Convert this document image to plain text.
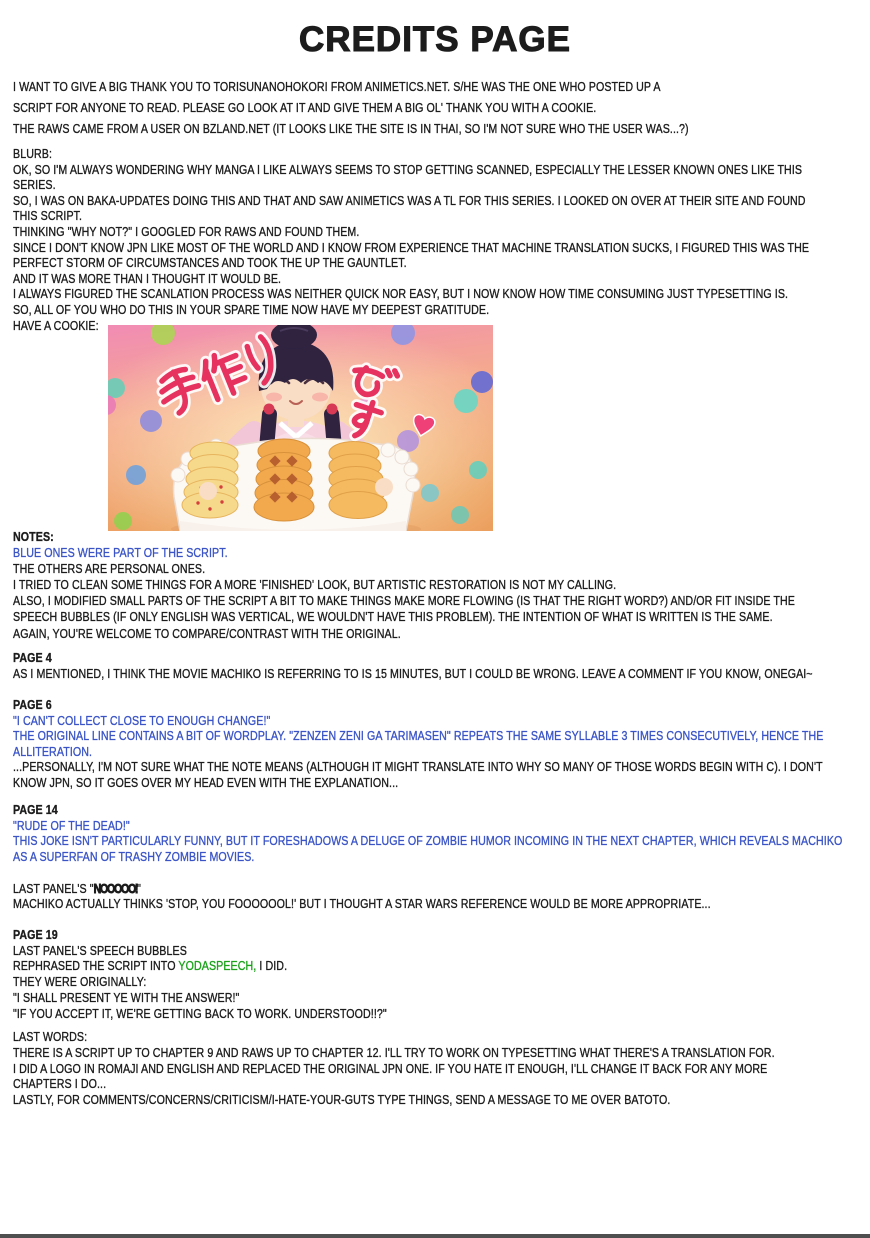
CREDITS PAGE
I WANT TO GIVE A BIG THANK YOU TO TORISUNANOHOKORI FROM ANIMETICS.NET. S/HE WAS THE ONE WHO POSTED UP A
SCRIPT FOR ANYONE TO READ. PLEASE GO LOOK AT IT AND GIVE THEM A BIG OL' THANK YOU WITH A COOKIE.
THE RAWS CAME FROM A USER ON BZLAND.NET (IT LOOKS LIKE THE SITE IS IN THAI, SO I'M NOT SURE WHO THE USER WAS...?)
BLURB:
OK, SO I'M ALWAYS WONDERING WHY MANGA I LIKE ALWAYS SEEMS TO STOP GETTING SCANNED, ESPECIALLY THE LESSER KNOWN ONES LIKE THIS
SERIES.
SO, I WAS ON BAKA-UPDATES DOING THIS AND THAT AND SAW ANIMETICS WAS A TL FOR THIS SERIES. I LOOKED ON OVER AT THEIR SITE AND FOUND
THIS SCRIPT.
THINKING "WHY NOT?" I GOOGLED FOR RAWS AND FOUND THEM.
SINCE I DON'T KNOW JPN LIKE MOST OF THE WORLD AND I KNOW FROM EXPERIENCE THAT MACHINE TRANSLATION SUCKS, I FIGURED THIS WAS THE
PERFECT STORM OF CIRCUMSTANCES AND TOOK THE UP THE GAUNTLET.
AND IT WAS MORE THAN I THOUGHT IT WOULD BE.
I ALWAYS FIGURED THE SCANLATION PROCESS WAS NEITHER QUICK NOR EASY, BUT I NOW KNOW HOW TIME CONSUMING JUST TYPESETTING IS.
SO, ALL OF YOU WHO DO THIS IN YOUR SPARE TIME NOW HAVE MY DEEPEST GRATITUDE.
HAVE A COOKIE:
NOTES:
BLUE ONES WERE PART OF THE SCRIPT.
THE OTHERS ARE PERSONAL ONES.
I TRIED TO CLEAN SOME THINGS FOR A MORE 'FINISHED' LOOK, BUT ARTISTIC RESTORATION IS NOT MY CALLING.
ALSO, I MODIFIED SMALL PARTS OF THE SCRIPT A BIT TO MAKE THINGS MAKE MORE FLOWING (IS THAT THE RIGHT WORD?) AND/OR FIT INSIDE THE
SPEECH BUBBLES (IF ONLY ENGLISH WAS VERTICAL, WE WOULDN'T HAVE THIS PROBLEM). THE INTENTION OF WHAT IS WRITTEN IS THE SAME.
AGAIN, YOU'RE WELCOME TO COMPARE/CONTRAST WITH THE ORIGINAL.
PAGE 4
AS I MENTIONED, I THINK THE MOVIE MACHIKO IS REFERRING TO IS 15 MINUTES, BUT I COULD BE WRONG. LEAVE A COMMENT IF YOU KNOW, ONEGAI~
PAGE 6
"I CAN'T COLLECT CLOSE TO ENOUGH CHANGE!"
THE ORIGINAL LINE CONTAINS A BIT OF WORDPLAY. "ZENZEN ZENI GA TARIMASEN" REPEATS THE SAME SYLLABLE 3 TIMES CONSECUTIVELY, HENCE THE
ALLITERATION.
...PERSONALLY, I'M NOT SURE WHAT THE NOTE MEANS (ALTHOUGH IT MIGHT TRANSLATE INTO WHY SO MANY OF THOSE WORDS BEGIN WITH C). I DON'T
KNOW JPN, SO IT GOES OVER MY HEAD EVEN WITH THE EXPLANATION...
PAGE 14
"RUDE OF THE DEAD!"
THIS JOKE ISN'T PARTICULARLY FUNNY, BUT IT FORESHADOWS A DELUGE OF ZOMBIE HUMOR INCOMING IN THE NEXT CHAPTER, WHICH REVEALS MACHIKO
AS A SUPERFAN OF TRASHY ZOMBIE MOVIES.

LAST PANEL'S "NOOOOO!"
MACHIKO ACTUALLY THINKS 'STOP, YOU FOOOOOOL!' BUT I THOUGHT A STAR WARS REFERENCE WOULD BE MORE APPROPRIATE...
PAGE 19
LAST PANEL'S SPEECH BUBBLES
REPHRASED THE SCRIPT INTO YODASPEECH, I DID.
THEY WERE ORIGINALLY:
"I SHALL PRESENT YE WITH THE ANSWER!"
"IF YOU ACCEPT IT, WE'RE GETTING BACK TO WORK. UNDERSTOOD!!?"
LAST WORDS:
THERE IS A SCRIPT UP TO CHAPTER 9 AND RAWS UP TO CHAPTER 12. I'LL TRY TO WORK ON TYPESETTING WHAT THERE'S A TRANSLATION FOR.
I DID A LOGO IN ROMAJI AND ENGLISH AND REPLACED THE ORIGINAL JPN ONE. IF YOU HATE IT ENOUGH, I'LL CHANGE IT BACK FOR ANY MORE
CHAPTERS I DO...
LASTLY, FOR COMMENTS/CONCERNS/CRITICISM/I-HATE-YOUR-GUTS TYPE THINGS, SEND A MESSAGE TO ME OVER BATOTO.
